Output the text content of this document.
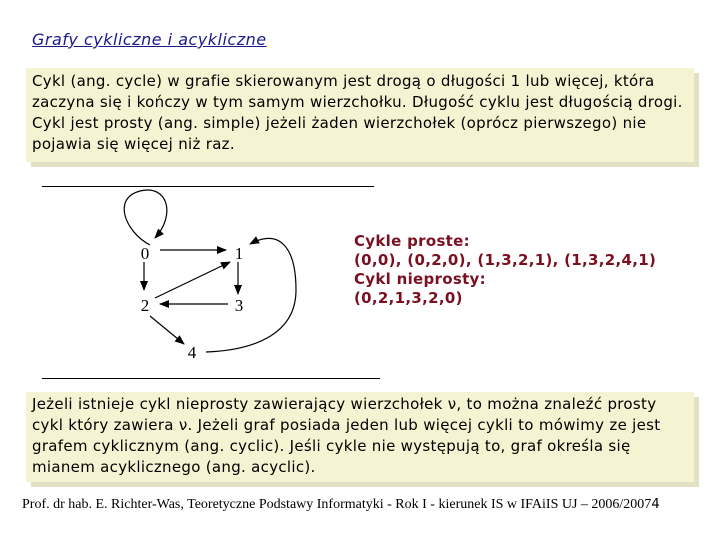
Grafy cykliczne i acykliczne

Cykl (ang. cycle) w grafie skierowanym jest drogą o długości 1 lub więcej, która zaczyna się i kończy w tym samym wierzchołku. Długość cyklu jest długością drogi. Cykl jest prosty (ang. simple) jeżeli żaden wierzchołek (oprócz pierwszego) nie pojawia się więcej niż raz.

0	1
2	3
4
Cykle proste:
(0,0), (0,2,0), (1,3,2,1), (1,3,2,4,1)
Cykl nieprosty:
(0,2,1,3,2,0)

Jeżeli istnieje cykl nieprosty zawierający wierzchołek ν, to można znaleźć prosty cykl który zawiera ν. Jeżeli graf posiada jeden lub więcej cykli to mówimy ze jest grafem cyklicznym (ang. cyclic). Jeśli cykle nie występują to, graf określa się mianem acyklicznego (ang. acyclic).

Prof. dr hab. E. Richter-Was, Teoretyczne Podstawy Informatyki - Rok I - kierunek IS w IFAiIS UJ – 2006/20074
